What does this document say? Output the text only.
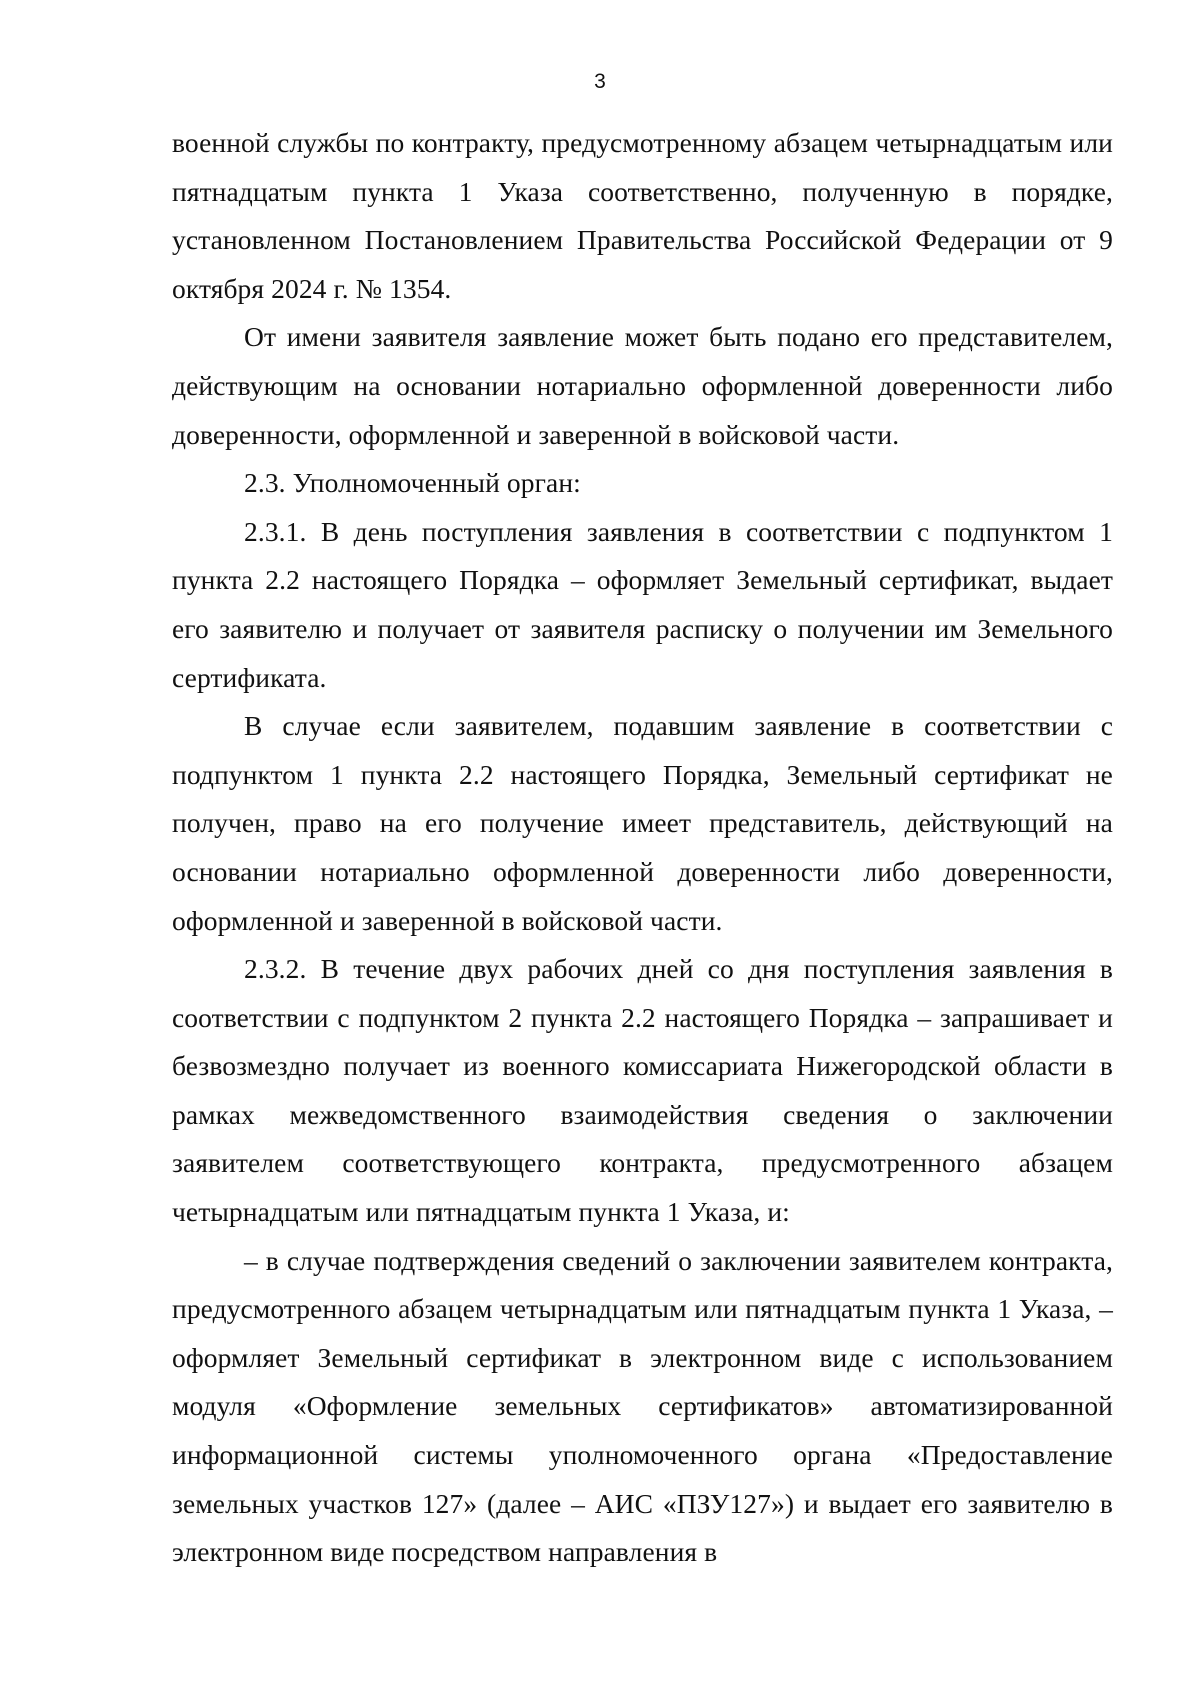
3

военной службы по контракту, предусмотренному абзацем четырнадцатым или пятнадцатым пункта 1 Указа соответственно, полученную в порядке, установленном Постановлением Правительства Российской Федерации от 9 октября 2024 г. № 1354.

От имени заявителя заявление может быть подано его представителем, действующим на основании нотариально оформленной доверенности либо доверенности, оформленной и заверенной в войсковой части.

2.3. Уполномоченный орган:

2.3.1. В день поступления заявления в соответствии с подпунктом 1 пункта 2.2 настоящего Порядка – оформляет Земельный сертификат, выдает его заявителю и получает от заявителя расписку о получении им Земельного сертификата.

В случае если заявителем, подавшим заявление в соответствии с подпунктом 1 пункта 2.2 настоящего Порядка, Земельный сертификат не получен, право на его получение имеет представитель, действующий на основании нотариально оформленной доверенности либо доверенности, оформленной и заверенной в войсковой части.

2.3.2. В течение двух рабочих дней со дня поступления заявления в соответствии с подпунктом 2 пункта 2.2 настоящего Порядка – запрашивает и безвозмездно получает из военного комиссариата Нижегородской области в рамках межведомственного взаимодействия сведения о заключении заявителем соответствующего контракта, предусмотренного абзацем четырнадцатым или пятнадцатым пункта 1 Указа, и:

– в случае подтверждения сведений о заключении заявителем контракта, предусмотренного абзацем четырнадцатым или пятнадцатым пункта 1 Указа, – оформляет Земельный сертификат в электронном виде с использованием модуля «Оформление земельных сертификатов» автоматизированной информационной системы уполномоченного органа «Предоставление земельных участков 127» (далее – АИС «ПЗУ127») и выдает его заявителю в электронном виде посредством направления в
